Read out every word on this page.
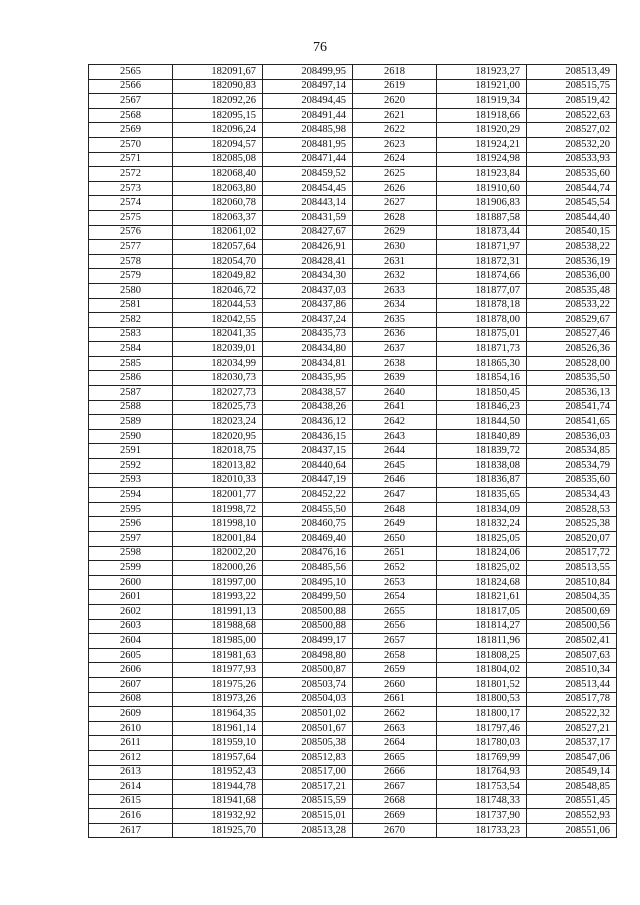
76
2565	182091,67	208499,95	2618	181923,27	208513,49
2566	182090,83	208497,14	2619	181921,00	208515,75
2567	182092,26	208494,45	2620	181919,34	208519,42
2568	182095,15	208491,44	2621	181918,66	208522,63
2569	182096,24	208485,98	2622	181920,29	208527,02
2570	182094,57	208481,95	2623	181924,21	208532,20
2571	182085,08	208471,44	2624	181924,98	208533,93
2572	182068,40	208459,52	2625	181923,84	208535,60
2573	182063,80	208454,45	2626	181910,60	208544,74
2574	182060,78	208443,14	2627	181906,83	208545,54
2575	182063,37	208431,59	2628	181887,58	208544,40
2576	182061,02	208427,67	2629	181873,44	208540,15
2577	182057,64	208426,91	2630	181871,97	208538,22
2578	182054,70	208428,41	2631	181872,31	208536,19
2579	182049,82	208434,30	2632	181874,66	208536,00
2580	182046,72	208437,03	2633	181877,07	208535,48
2581	182044,53	208437,86	2634	181878,18	208533,22
2582	182042,55	208437,24	2635	181878,00	208529,67
2583	182041,35	208435,73	2636	181875,01	208527,46
2584	182039,01	208434,80	2637	181871,73	208526,36
2585	182034,99	208434,81	2638	181865,30	208528,00
2586	182030,73	208435,95	2639	181854,16	208535,50
2587	182027,73	208438,57	2640	181850,45	208536,13
2588	182025,73	208438,26	2641	181846,23	208541,74
2589	182023,24	208436,12	2642	181844,50	208541,65
2590	182020,95	208436,15	2643	181840,89	208536,03
2591	182018,75	208437,15	2644	181839,72	208534,85
2592	182013,82	208440,64	2645	181838,08	208534,79
2593	182010,33	208447,19	2646	181836,87	208535,60
2594	182001,77	208452,22	2647	181835,65	208534,43
2595	181998,72	208455,50	2648	181834,09	208528,53
2596	181998,10	208460,75	2649	181832,24	208525,38
2597	182001,84	208469,40	2650	181825,05	208520,07
2598	182002,20	208476,16	2651	181824,06	208517,72
2599	182000,26	208485,56	2652	181825,02	208513,55
2600	181997,00	208495,10	2653	181824,68	208510,84
2601	181993,22	208499,50	2654	181821,61	208504,35
2602	181991,13	208500,88	2655	181817,05	208500,69
2603	181988,68	208500,88	2656	181814,27	208500,56
2604	181985,00	208499,17	2657	181811,96	208502,41
2605	181981,63	208498,80	2658	181808,25	208507,63
2606	181977,93	208500,87	2659	181804,02	208510,34
2607	181975,26	208503,74	2660	181801,52	208513,44
2608	181973,26	208504,03	2661	181800,53	208517,78
2609	181964,35	208501,02	2662	181800,17	208522,32
2610	181961,14	208501,67	2663	181797,46	208527,21
2611	181959,10	208505,38	2664	181780,03	208537,17
2612	181957,64	208512,83	2665	181769,99	208547,06
2613	181952,43	208517,00	2666	181764,93	208549,14
2614	181944,78	208517,21	2667	181753,54	208548,85
2615	181941,68	208515,59	2668	181748,33	208551,45
2616	181932,92	208515,01	2669	181737,90	208552,93
2617	181925,70	208513,28	2670	181733,23	208551,06
